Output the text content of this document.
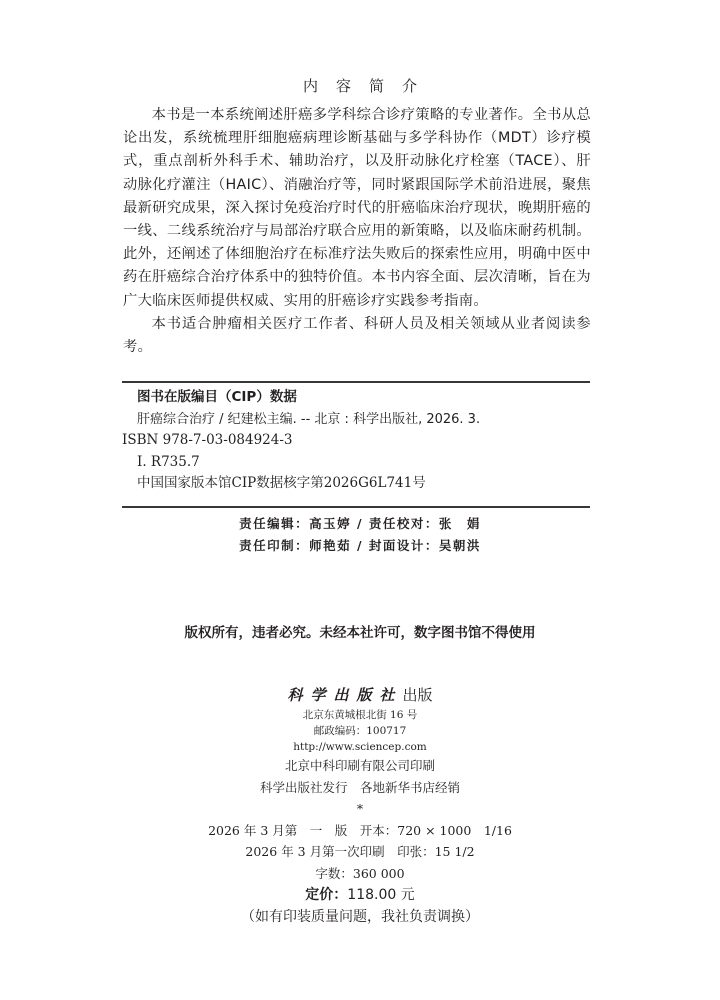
内容简介

本书是一本系统阐述肝癌多学科综合诊疗策略的专业著作。全书从总论出发，系统梳理肝细胞癌病理诊断基础与多学科协作（MDT）诊疗模式，重点剖析外科手术、辅助治疗，以及肝动脉化疗栓塞（TACE）、肝动脉化疗灌注（HAIC）、消融治疗等，同时紧跟国际学术前沿进展，聚焦最新研究成果，深入探讨免疫治疗时代的肝癌临床治疗现状，晚期肝癌的一线、二线系统治疗与局部治疗联合应用的新策略，以及临床耐药机制。此外，还阐述了体细胞治疗在标准疗法失败后的探索性应用，明确中医中药在肝癌综合治疗体系中的独特价值。本书内容全面、层次清晰，旨在为广大临床医师提供权威、实用的肝癌诊疗实践参考指南。

本书适合肿瘤相关医疗工作者、科研人员及相关领域从业者阅读参考。

图书在版编目（CIP）数据
肝癌综合治疗 / 纪建松主编. -- 北京 : 科学出版社, 2026. 3.
ISBN 978-7-03-084924-3
Ⅰ. R735.7
中国国家版本馆CIP数据核字第2026G6L741号
责任编辑：高玉婷 / 责任校对：张　娟
责任印制：师艳茹 / 封面设计：吴朝洪
版权所有，违者必究。未经本社许可，数字图书馆不得使用
科学出版社出版
北京东黄城根北街 16 号
邮政编码：100717
http://www.sciencep.com
北京中科印刷有限公司印刷
科学出版社发行　各地新华书店经销
*
2026 年 3 月第　一　版　开本：720 × 1000　1/16
2026 年 3 月第一次印刷　印张：15 1/2
字数：360 000
定价：118.00 元
（如有印装质量问题，我社负责调换）
